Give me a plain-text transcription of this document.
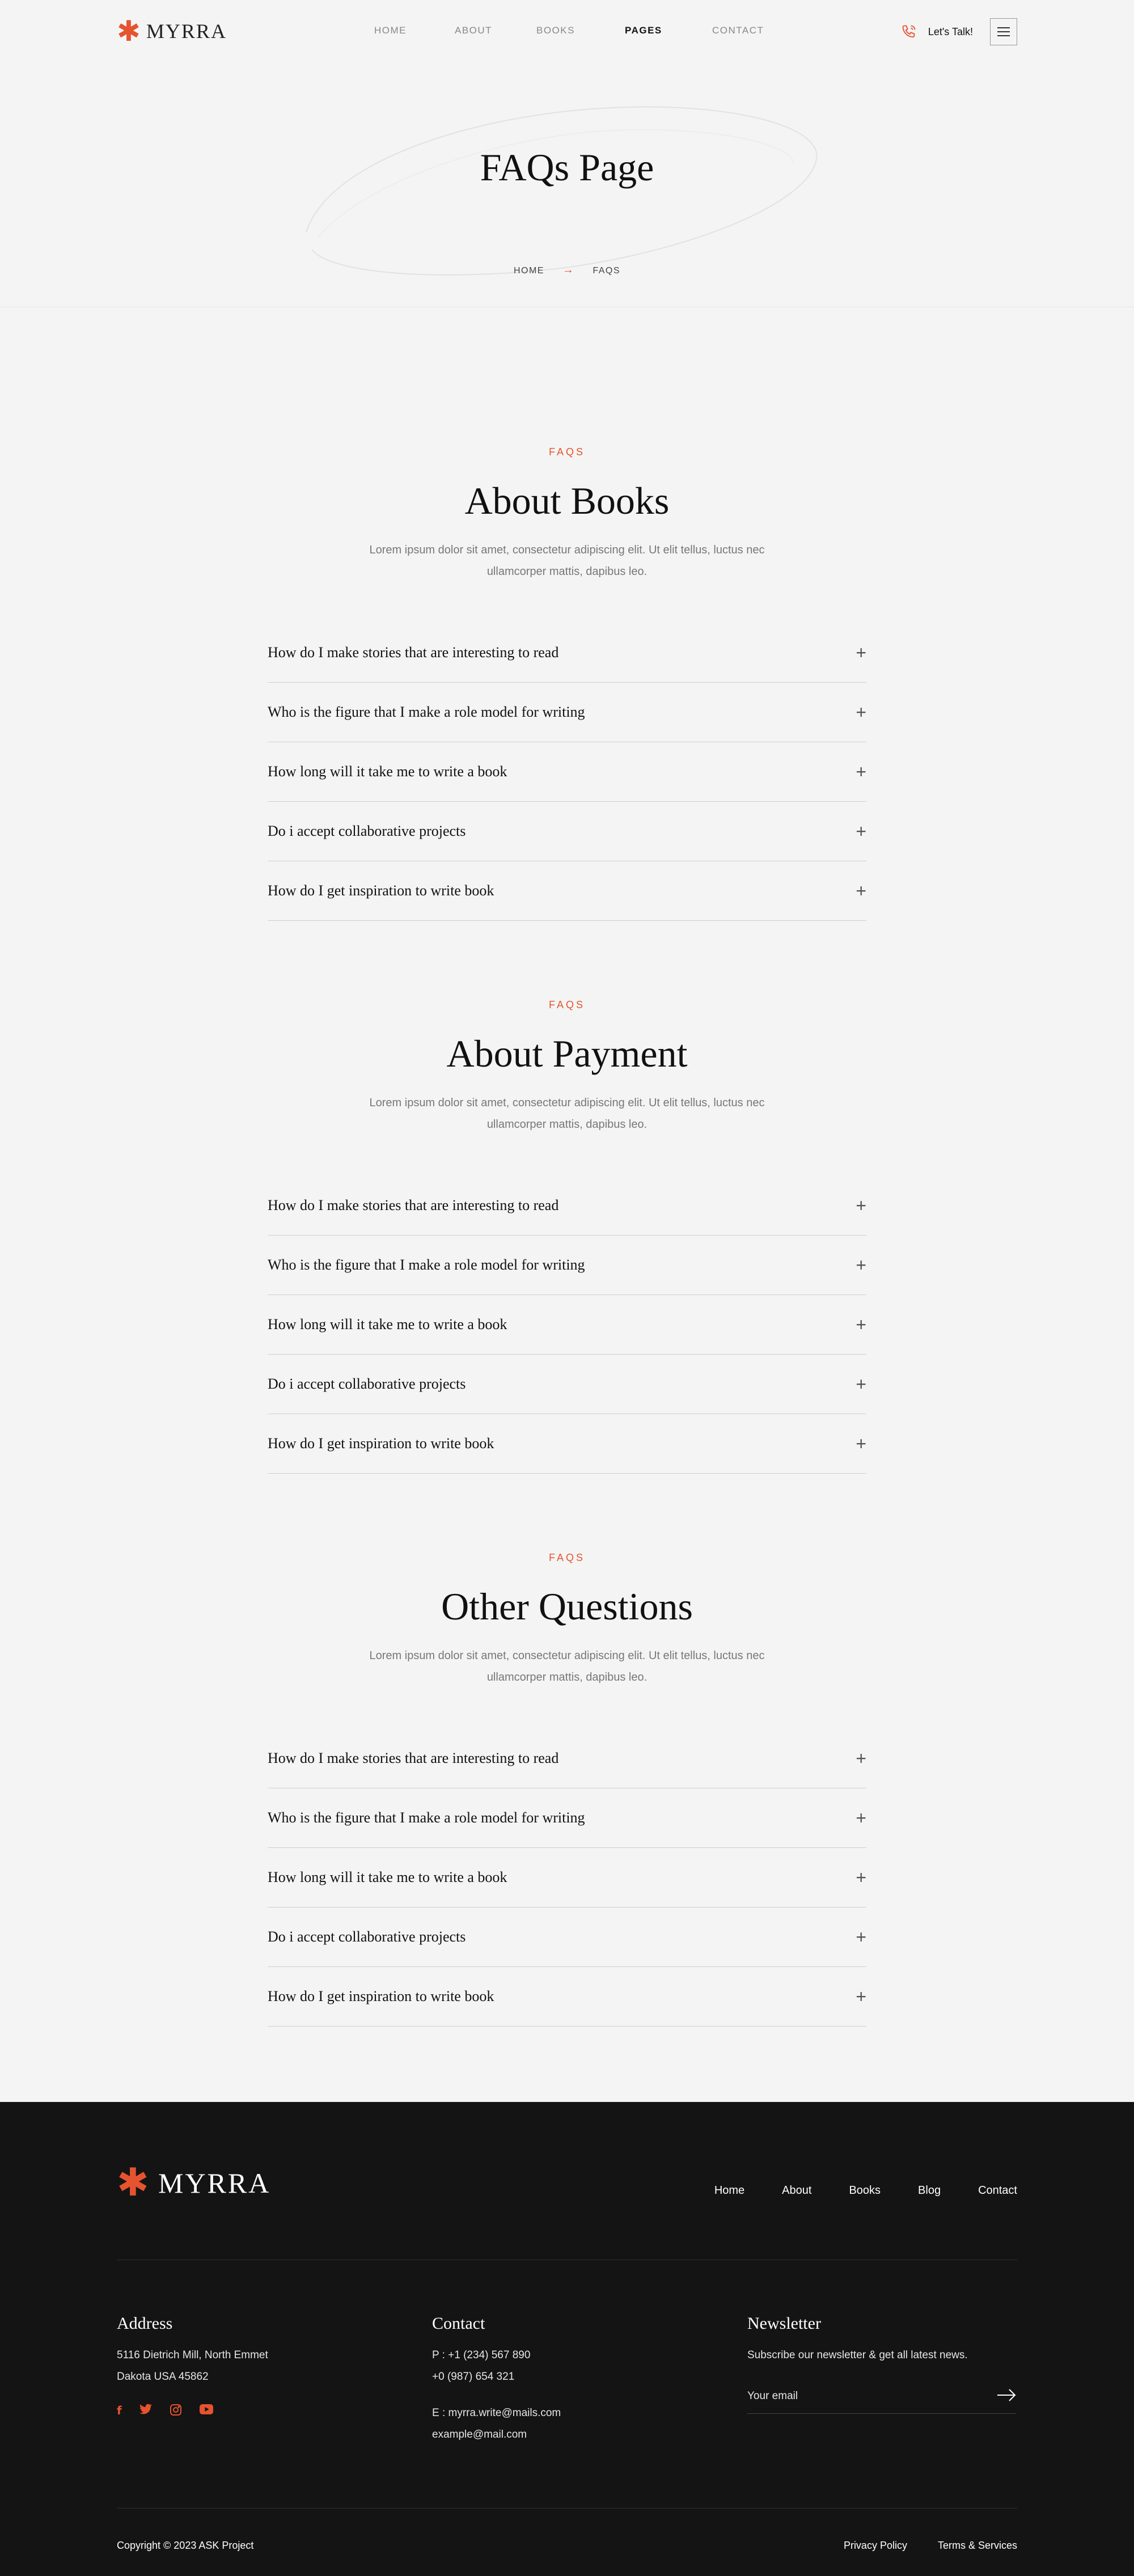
✱ MYRRA	HOME	ABOUT	BOOKS	PAGES	CONTACT	Let's Talk!
FAQs Page
HOME → FAQS
FAQS
About Books

Lorem ipsum dolor sit amet, consectetur adipiscing elit. Ut elit tellus, luctus nec ullamcorper mattis, dapibus leo.

How do I make stories that are interesting to read	+
Who is the figure that I make a role model for writing	+
How long will it take me to write a book	+
Do i accept collaborative projects	+
How do I get inspiration to write book	+
FAQS
About Payment

Lorem ipsum dolor sit amet, consectetur adipiscing elit. Ut elit tellus, luctus nec ullamcorper mattis, dapibus leo.

How do I make stories that are interesting to read	+
Who is the figure that I make a role model for writing	+
How long will it take me to write a book	+
Do i accept collaborative projects	+
How do I get inspiration to write book	+
FAQS
Other Questions

Lorem ipsum dolor sit amet, consectetur adipiscing elit. Ut elit tellus, luctus nec ullamcorper mattis, dapibus leo.

How do I make stories that are interesting to read	+
Who is the figure that I make a role model for writing	+
How long will it take me to write a book	+
Do i accept collaborative projects	+
How do I get inspiration to write book	+
✱ MYRRA	Home	About	Books	Blog	Contact
Address

5116 Dietrich Mill, North Emmet

Dakota USA 45862

f
Contact

P : +1 (234) 567 890

+0 (987) 654 321

E : myrra.write@mails.com

example@mail.com

Newsletter

Subscribe our newsletter & get all latest news.

Your email
Copyright © 2023 ASK Project	Privacy Policy	Terms & Services
